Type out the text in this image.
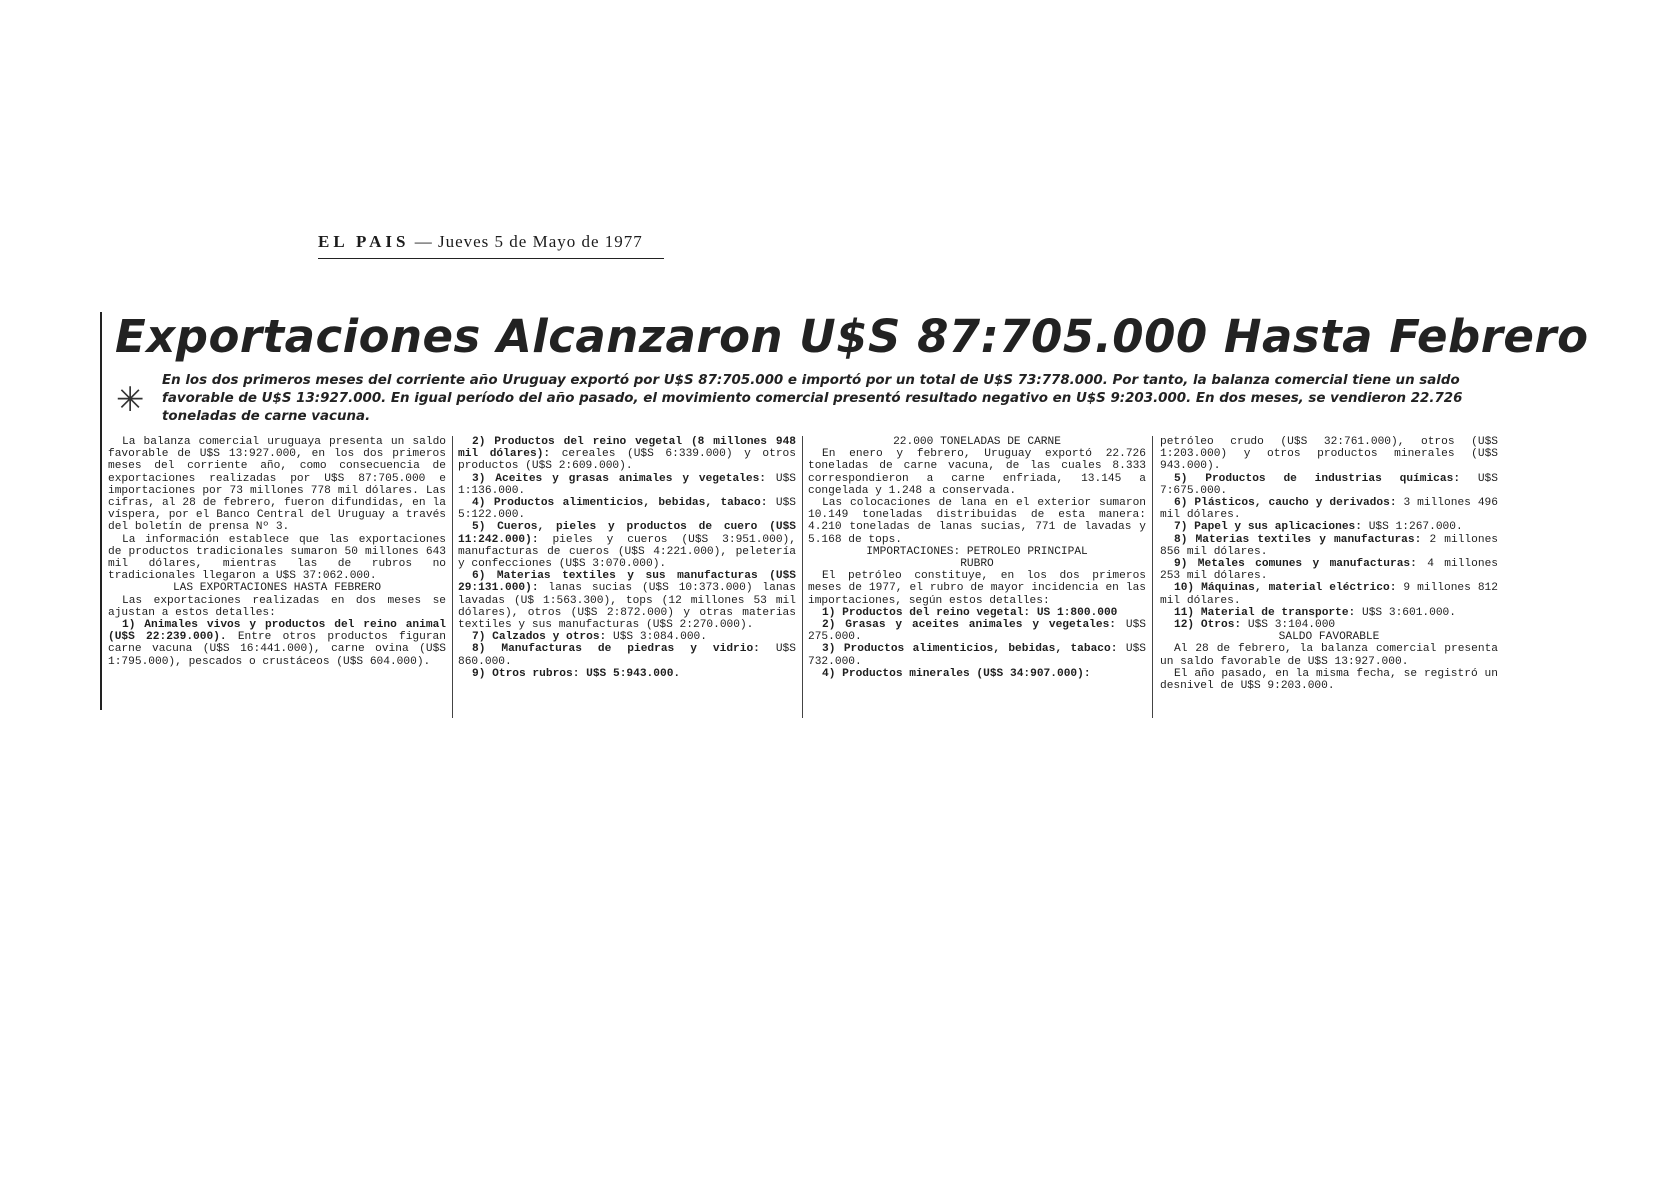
EL PAIS — Jueves 5 de Mayo de 1977
Exportaciones Alcanzaron U$S 87:705.000 Hasta Febrero
✳ En los dos primeros meses del corriente año Uruguay exportó por U$S 87:705.000 e importó por un total de U$S 73:778.000. Por tanto, la balanza comercial tiene un saldo favorable de U$S 13:927.000. En igual período del año pasado, el movimiento comercial presentó resultado negativo en U$S 9:203.000. En dos meses, se vendieron 22.726 toneladas de carne vacuna.

La balanza comercial uruguaya presenta un saldo favorable de U$S 13:927.000, en los dos primeros meses del corriente año, como consecuencia de exportaciones realizadas por U$S 87:705.000 e importaciones por 73 millones 778 mil dólares. Las cifras, al 28 de febrero, fueron difundidas, en la víspera, por el Banco Central del Uruguay a través del boletín de prensa Nº 3.

La información establece que las exportaciones de productos tradicionales sumaron 50 millones 643 mil dólares, mientras las de rubros no tradicionales llegaron a U$S 37:062.000.

LAS EXPORTACIONES HASTA FEBRERO

Las exportaciones realizadas en dos meses se ajustan a estos detalles:

1) Animales vivos y productos del reino animal (U$S 22:239.000). Entre otros productos figuran carne vacuna (U$S 16:441.000), carne ovina (U$S 1:795.000), pescados o crustáceos (U$S 604.000).

2) Productos del reino vegetal (8 millones 948 mil dólares): cereales (U$S 6:339.000) y otros productos (U$S 2:609.000).

3) Aceites y grasas animales y vegetales: U$S 1:136.000.

4) Productos alimenticios, bebidas, tabaco: U$S 5:122.000.

5) Cueros, pieles y productos de cuero (U$S 11:242.000): pieles y cueros (U$S 3:951.000), manufacturas de cueros (U$S 4:221.000), peletería y confecciones (U$S 3:070.000).

6) Materias textiles y sus manufacturas (U$S 29:131.000): lanas sucias (U$S 10:373.000) lanas lavadas (U$ 1:563.300), tops (12 millones 53 mil dólares), otros (U$S 2:872.000) y otras materias textiles y sus manufacturas (U$S 2:270.000).

7) Calzados y otros: U$S 3:084.000.

8) Manufacturas de piedras y vidrio: U$S 860.000.

9) Otros rubros: U$S 5:943.000.

22.000 TONELADAS DE CARNE

En enero y febrero, Uruguay exportó 22.726 toneladas de carne vacuna, de las cuales 8.333 correspondieron a carne enfriada, 13.145 a congelada y 1.248 a conservada.

Las colocaciones de lana en el exterior sumaron 10.149 toneladas distribuidas de esta manera: 4.210 toneladas de lanas sucias, 771 de lavadas y 5.168 de tops.

IMPORTACIONES: PETROLEO PRINCIPAL RUBRO

El petróleo constituye, en los dos primeros meses de 1977, el rubro de mayor incidencia en las importaciones, según estos detalles:

1) Productos del reino vegetal: US 1:800.000

2) Grasas y aceites animales y vegetales: U$S 275.000.

3) Productos alimenticios, bebidas, tabaco: U$S 732.000.

4) Productos minerales (U$S 34:907.000):

petróleo crudo (U$S 32:761.000), otros (U$S 1:203.000) y otros productos minerales (U$S 943.000).

5) Productos de industrias químicas: U$S 7:675.000.

6) Plásticos, caucho y derivados: 3 millones 496 mil dólares.

7) Papel y sus aplicaciones: U$S 1:267.000.

8) Materias textiles y manufacturas: 2 millones 856 mil dólares.

9) Metales comunes y manufacturas: 4 millones 253 mil dólares.

10) Máquinas, material eléctrico: 9 millones 812 mil dólares.

11) Material de transporte: U$S 3:601.000.

12) Otros: U$S 3:104.000

SALDO FAVORABLE

Al 28 de febrero, la balanza comercial presenta un saldo favorable de U$S 13:927.000.

El año pasado, en la misma fecha, se registró un desnivel de U$S 9:203.000.
